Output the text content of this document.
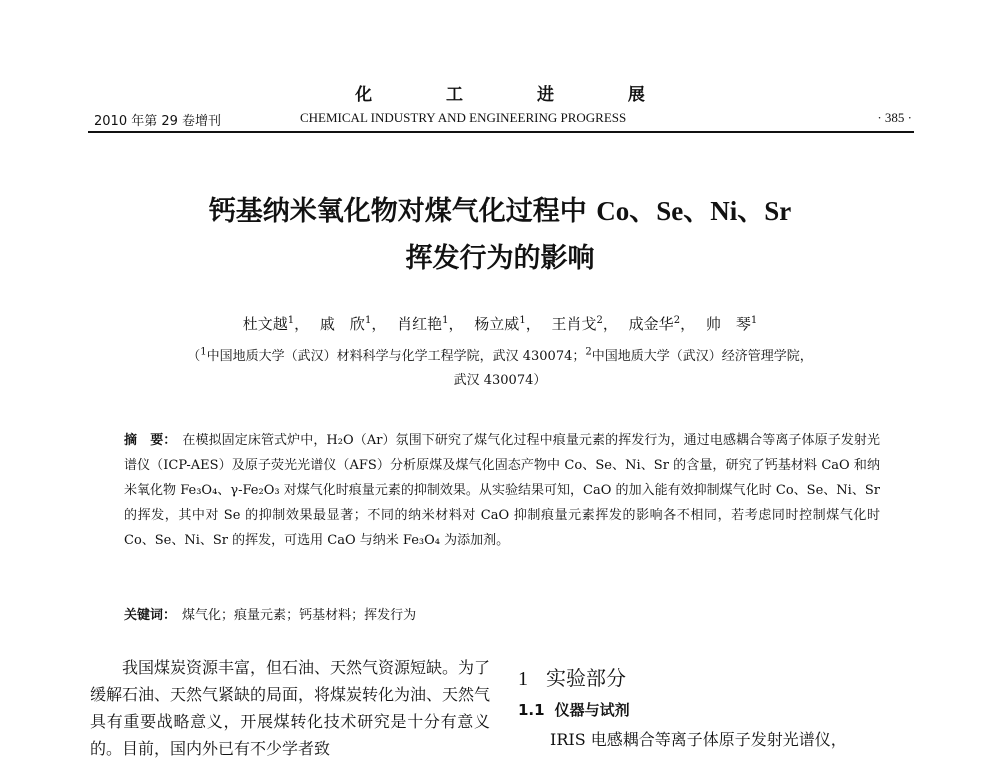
化 工 进 展
2010 年第 29 卷增刊	CHEMICAL INDUSTRY AND ENGINEERING PROGRESS	· 385 ·
钙基纳米氧化物对煤气化过程中 Co、Se、Ni、Sr
挥发行为的影响
杜文越$^1$， 戚　欣$^1$， 肖红艳$^1$， 杨立威$^1$， 王肖戈$^2$， 成金华$^2$， 帅　琴$^1$
（$^1$中国地质大学（武汉）材料科学与化学工程学院，武汉 430074；$^2$中国地质大学（武汉）经济管理学院，
武汉 430074）
摘　要： 在模拟固定床管式炉中，H₂O（Ar）氛围下研究了煤气化过程中痕量元素的挥发行为，通过电感耦合等离子体原子发射光谱仪（ICP-AES）及原子荧光光谱仪（AFS）分析原煤及煤气化固态产物中 Co、Se、Ni、Sr 的含量，研究了钙基材料 CaO 和纳米氧化物 Fe₃O₄、γ-Fe₂O₃ 对煤气化时痕量元素的抑制效果。从实验结果可知，CaO 的加入能有效抑制煤气化时 Co、Se、Ni、Sr 的挥发，其中对 Se 的抑制效果最显著；不同的纳米材料对 CaO 抑制痕量元素挥发的影响各不相同，若考虑同时控制煤气化时 Co、Se、Ni、Sr 的挥发，可选用 CaO 与纳米 Fe₃O₄ 为添加剂。
关键词： 煤气化 ； 痕量元素 ； 钙基材料 ； 挥发行为
我国煤炭资源丰富，但石油、天然气资源短缺。为了缓解石油、天然气紧缺的局面，将煤炭转化为油、天然气具有重要战略意义，开展煤转化技术研究是十分有意义的。目前，国内外已有不少学者致
1 实验部分
1.1 仪器与试剂
IRIS 电感耦合等离子体原子发射光谱仪，
